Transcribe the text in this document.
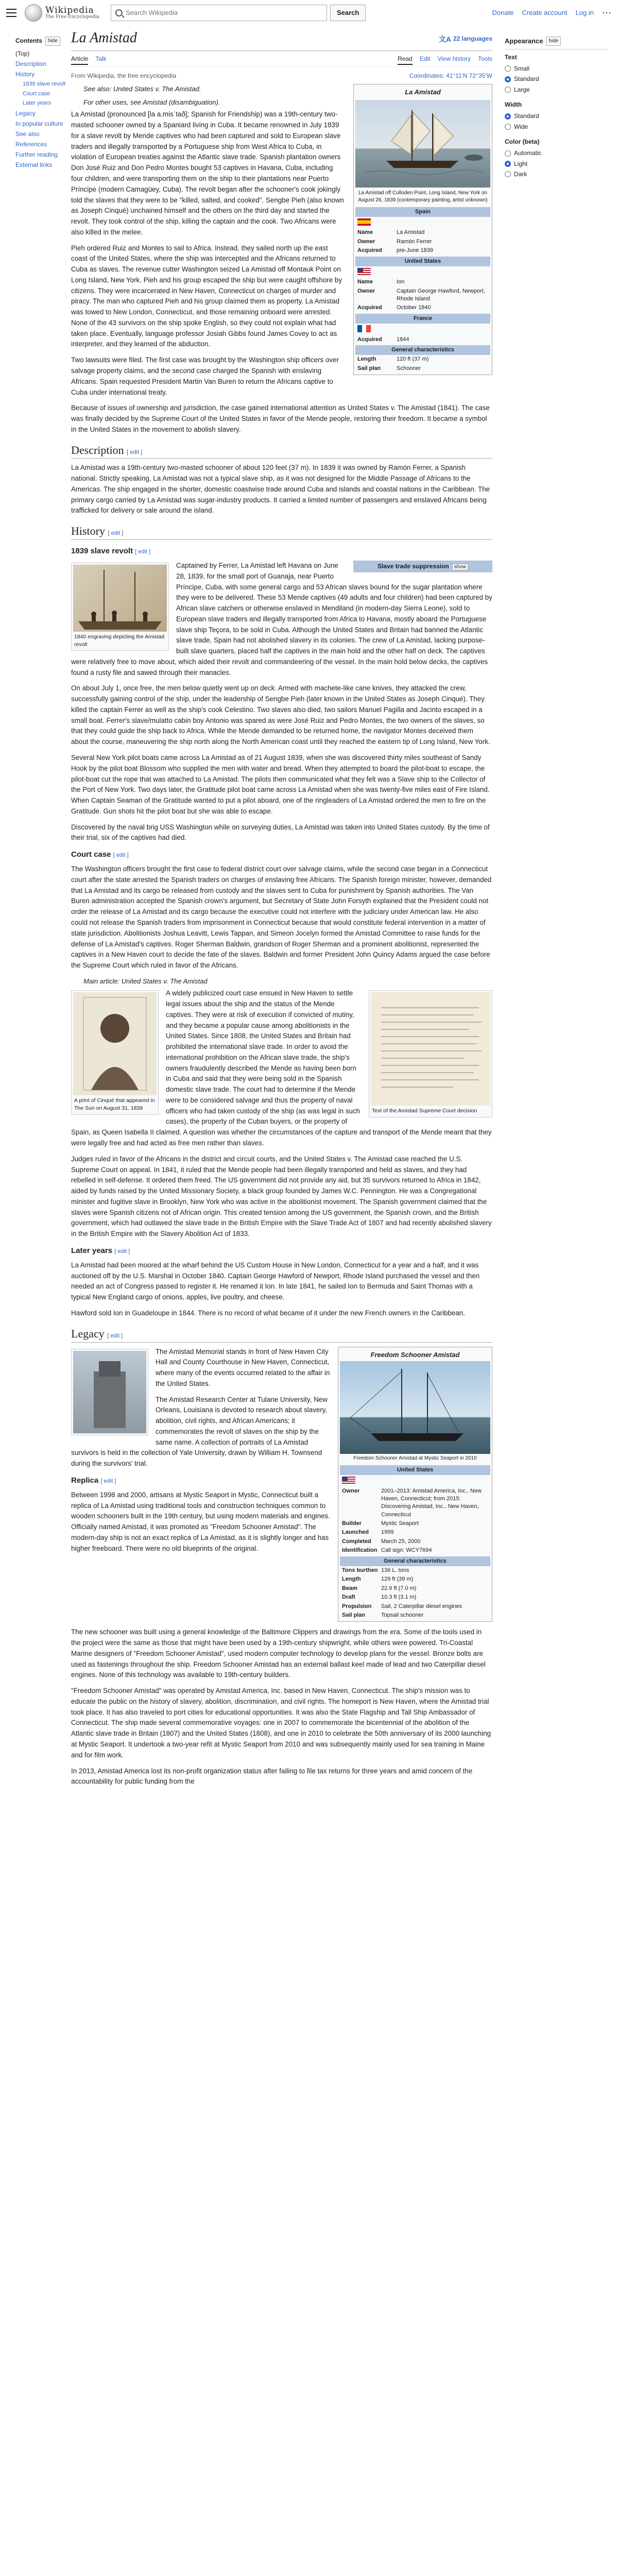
Wikipedia
The Free Encyclopedia
Search Wikipedia	Search	Donate Create account Log in ⋯
Contents	hide
(Top)
Description
History
1839 slave revolt
Court case
Later years
Legacy
In popular culture
See also
References
Further reading
External links
La Amistad	文A 22 languages
Article Talk	Read Edit View history Tools
From Wikipedia, the free encyclopedia	Coordinates: 41°11′N 72°35′W
La Amistad
La Amistad off Culloden Point, Long Island, New York on August 26, 1839 (contemporary painting, artist unknown)
Spain
Name	La Amistad
Owner	Ramón Ferrer
Acquired	pre-June 1839
United States
Name	Ion
Owner	Captain George Hawford, Newport, Rhode Island
Acquired	October 1840
France
Acquired	1844
General characteristics
Length	120 ft (37 m)
Sail plan	Schooner
See also: United States v. The Amistad.
For other uses, see Amistad (disambiguation).

La Amistad (pronounced [la a.misˈtað]; Spanish for Friendship) was a 19th-century two-masted schooner owned by a Spaniard living in Cuba. It became renowned in July 1839 for a slave revolt by Mende captives who had been captured and sold to European slave traders and illegally transported by a Portuguese ship from West Africa to Cuba, in violation of European treaties against the Atlantic slave trade. Spanish plantation owners Don José Ruiz and Don Pedro Montes bought 53 captives in Havana, Cuba, including four children, and were transporting them on the ship to their plantations near Puerto Príncipe (modern Camagüey, Cuba). The revolt began after the schooner's cook jokingly told the slaves that they were to be "killed, salted, and cooked". Sengbe Pieh (also known as Joseph Cinqué) unchained himself and the others on the third day and started the revolt. They took control of the ship, killing the captain and the cook. Two Africans were also killed in the melee.

Pieh ordered Ruiz and Montes to sail to Africa. Instead, they sailed north up the east coast of the United States, where the ship was intercepted and the Africans returned to Cuba as slaves. The revenue cutter Washington seized La Amistad off Montauk Point on Long Island, New York. Pieh and his group escaped the ship but were caught offshore by citizens. They were incarcerated in New Haven, Connecticut on charges of murder and piracy. The man who captured Pieh and his group claimed them as property. La Amistad was towed to New London, Connecticut, and those remaining onboard were arrested. None of the 43 survivors on the ship spoke English, so they could not explain what had taken place. Eventually, language professor Josiah Gibbs found James Covey to act as interpreter, and they learned of the abduction.

Two lawsuits were filed. The first case was brought by the Washington ship officers over salvage property claims, and the second case charged the Spanish with enslaving Africans. Spain requested President Martin Van Buren to return the Africans captive to Cuba under international treaty.

Because of issues of ownership and jurisdiction, the case gained international attention as United States v. The Amistad (1841). The case was finally decided by the Supreme Court of the United States in favor of the Mende people, restoring their freedom. It became a symbol in the United States in the movement to abolish slavery.

Description [ edit ]

La Amistad was a 19th-century two-masted schooner of about 120 feet (37 m). In 1839 it was owned by Ramón Ferrer, a Spanish national. Strictly speaking, La Amistad was not a typical slave ship, as it was not designed for the Middle Passage of Africans to the Americas. The ship engaged in the shorter, domestic coastwise trade around Cuba and islands and coastal nations in the Caribbean. The primary cargo carried by La Amistad was sugar-industry products. It carried a limited number of passengers and enslaved Africans being trafficked for delivery or sale around the island.

History [ edit ]
1839 slave revolt [ edit ]
1840 engraving depicting the Amistad revolt
Slave trade suppression show

Captained by Ferrer, La Amistad left Havana on June 28, 1839, for the small port of Guanaja, near Puerto Príncipe, Cuba, with some general cargo and 53 African slaves bound for the sugar plantation where they were to be delivered. These 53 Mende captives (49 adults and four children) had been captured by African slave catchers or otherwise enslaved in Mendiland (in modern-day Sierra Leone), sold to European slave traders and illegally transported from Africa to Havana, mostly aboard the Portuguese slave ship Teçora, to be sold in Cuba. Although the United States and Britain had banned the Atlantic slave trade, Spain had not abolished slavery in its colonies. The crew of La Amistad, lacking purpose-built slave quarters, placed half the captives in the main hold and the other half on deck. The captives were relatively free to move about, which aided their revolt and commandeering of the vessel. In the main hold below decks, the captives found a rusty file and sawed through their manacles.

On about July 1, once free, the men below quietly went up on deck. Armed with machete-like cane knives, they attacked the crew, successfully gaining control of the ship, under the leadership of Sengbe Pieh (later known in the United States as Joseph Cinqué). They killed the captain Ferrer as well as the ship's cook Celestino. Two slaves also died, two sailors Manuel Pagilla and Jacinto escaped in a small boat. Ferrer's slave/mulatto cabin boy Antonio was spared as were José Ruiz and Pedro Montes, the two owners of the slaves, so that they could guide the ship back to Africa. While the Mende demanded to be returned home, the navigator Montes deceived them about the course, maneuvering the ship north along the North American coast until they reached the eastern tip of Long Island, New York.

Several New York pilot boats came across La Amistad as of 21 August 1839, when she was discovered thirty miles southeast of Sandy Hook by the pilot boat Blossom who supplied the men with water and bread. When they attempted to board the pilot-boat to escape, the pilot-boat cut the rope that was attached to La Amistad. The pilots then communicated what they felt was a Slave ship to the Collector of the Port of New York. Two days later, the Gratitude pilot boat came across La Amistad when she was twenty-five miles east of Fire Island. When Captain Seaman of the Gratitude wanted to put a pilot aboard, one of the ringleaders of La Amistad ordered the men to fire on the Gratitude. Gun shots hit the pilot boat but she was able to escape.

Discovered by the naval brig USS Washington while on surveying duties, La Amistad was taken into United States custody. By the time of their trial, six of the captives had died.

Court case [ edit ]

The Washington officers brought the first case to federal district court over salvage claims, while the second case began in a Connecticut court after the state arrested the Spanish traders on charges of enslaving free Africans. The Spanish foreign minister, however, demanded that La Amistad and its cargo be released from custody and the slaves sent to Cuba for punishment by Spanish authorities. The Van Buren administration accepted the Spanish crown's argument, but Secretary of State John Forsyth explained that the President could not order the release of La Amistad and its cargo because the executive could not interfere with the judiciary under American law. He also could not release the Spanish traders from imprisonment in Connecticut because that would constitute federal intervention in a matter of state jurisdiction. Abolitionists Joshua Leavitt, Lewis Tappan, and Simeon Jocelyn formed the Amistad Committee to raise funds for the defense of La Amistad's captives. Roger Sherman Baldwin, grandson of Roger Sherman and a prominent abolitionist, represented the captives in a New Haven court to decide the fate of the slaves. Baldwin and former President John Quincy Adams argued the case before the Supreme Court which ruled in favor of the Africans.

Main article: United States v. The Amistad
A print of Cinqué that appeared in The Sun on August 31, 1839	Text of the Amistad Supreme Court decision

A widely publicized court case ensued in New Haven to settle legal issues about the ship and the status of the Mende captives. They were at risk of execution if convicted of mutiny, and they became a popular cause among abolitionists in the United States. Since 1808, the United States and Britain had prohibited the international slave trade. In order to avoid the international prohibition on the African slave trade, the ship's owners fraudulently described the Mende as having been born in Cuba and said that they were being sold in the Spanish domestic slave trade. The court had to determine if the Mende were to be considered salvage and thus the property of naval officers who had taken custody of the ship (as was legal in such cases), the property of the Cuban buyers, or the property of Spain, as Queen Isabella II claimed. A question was whether the circumstances of the capture and transport of the Mende meant that they were legally free and had acted as free men rather than slaves.

Judges ruled in favor of the Africans in the district and circuit courts, and the United States v. The Amistad case reached the U.S. Supreme Court on appeal. In 1841, it ruled that the Mende people had been illegally transported and held as slaves, and they had rebelled in self-defense. It ordered them freed. The US government did not provide any aid, but 35 survivors returned to Africa in 1842, aided by funds raised by the United Missionary Society, a black group founded by James W.C. Pennington. He was a Congregational minister and fugitive slave in Brooklyn, New York who was active in the abolitionist movement. The Spanish government claimed that the slaves were Spanish citizens not of African origin. This created tension among the US government, the Spanish crown, and the British government, which had outlawed the slave trade in the British Empire with the Slave Trade Act of 1807 and had recently abolished slavery in the British Empire with the Slavery Abolition Act of 1833.

Later years [ edit ]

La Amistad had been moored at the wharf behind the US Custom House in New London, Connecticut for a year and a half, and it was auctioned off by the U.S. Marshal in October 1840. Captain George Hawford of Newport, Rhode Island purchased the vessel and then needed an act of Congress passed to register it. He renamed it Ion. In late 1841, he sailed Ion to Bermuda and Saint Thomas with a typical New England cargo of onions, apples, live poultry, and cheese.

Hawford sold Ion in Guadeloupe in 1844. There is no record of what became of it under the new French owners in the Caribbean.

Legacy [ edit ]
Freedom Schooner Amistad
Freedom Schooner Amistad at Mystic Seaport in 2010
United States
Owner	2001–2013: Amistad America, Inc., New Haven, Connecticut; from 2015: Discovering Amistad, Inc., New Haven, Connecticut
Builder	Mystic Seaport
Launched	1999
Completed	March 25, 2000
Identification Call sign: WCY7694
General characteristics
Tons burthen 136 L. tons
Length	129 ft (39 m)
Beam	22.9 ft (7.0 m)
Draft	10.3 ft (3.1 m)
Propulsion	Sail, 2 Caterpillar diesel engines
Sail plan	Topsail schooner

The Amistad Memorial stands in front of New Haven City Hall and County Courthouse in New Haven, Connecticut, where many of the events occurred related to the affair in the United States.

The Amistad Research Center at Tulane University, New Orleans, Louisiana is devoted to research about slavery, abolition, civil rights, and African Americans; it commemorates the revolt of slaves on the ship by the same name. A collection of portraits of La Amistad survivors is held in the collection of Yale University, drawn by William H. Townsend during the survivors' trial.

Replica [ edit ]

Between 1998 and 2000, artisans at Mystic Seaport in Mystic, Connecticut built a replica of La Amistad using traditional tools and construction techniques common to wooden schooners built in the 19th century, but using modern materials and engines. Officially named Amistad, it was promoted as "Freedom Schooner Amistad". The modern-day ship is not an exact replica of La Amistad, as it is slightly longer and has higher freeboard. There were no old blueprints of the original.

The new schooner was built using a general knowledge of the Baltimore Clippers and drawings from the era. Some of the tools used in the project were the same as those that might have been used by a 19th-century shipwright, while others were powered. Tri-Coastal Marine designers of "Freedom Schooner Amistad", used modern computer technology to develop plans for the vessel. Bronze bolts are used as fastenings throughout the ship. Freedom Schooner Amistad has an external ballast keel made of lead and two Caterpillar diesel engines. None of this technology was available to 19th-century builders.

"Freedom Schooner Amistad" was operated by Amistad America, Inc. based in New Haven, Connecticut. The ship's mission was to educate the public on the history of slavery, abolition, discrimination, and civil rights. The homeport is New Haven, where the Amistad trial took place. It has also traveled to port cities for educational opportunities. It was also the State Flagship and Tall Ship Ambassador of Connecticut. The ship made several commemorative voyages: one in 2007 to commemorate the bicentennial of the abolition of the Atlantic slave trade in Britain (1807) and the United States (1808), and one in 2010 to celebrate the 50th anniversary of its 2000 launching at Mystic Seaport. It undertook a two-year refit at Mystic Seaport from 2010 and was subsequently mainly used for sea training in Maine and for film work.

In 2013, Amistad America lost its non-profit organization status after failing to file tax returns for three years and amid concern of the accountability for public funding from the

Appearance	hide
Text
Small
Standard
Large
Width
Standard
Wide
Color (beta)
Automatic
Light
Dark
